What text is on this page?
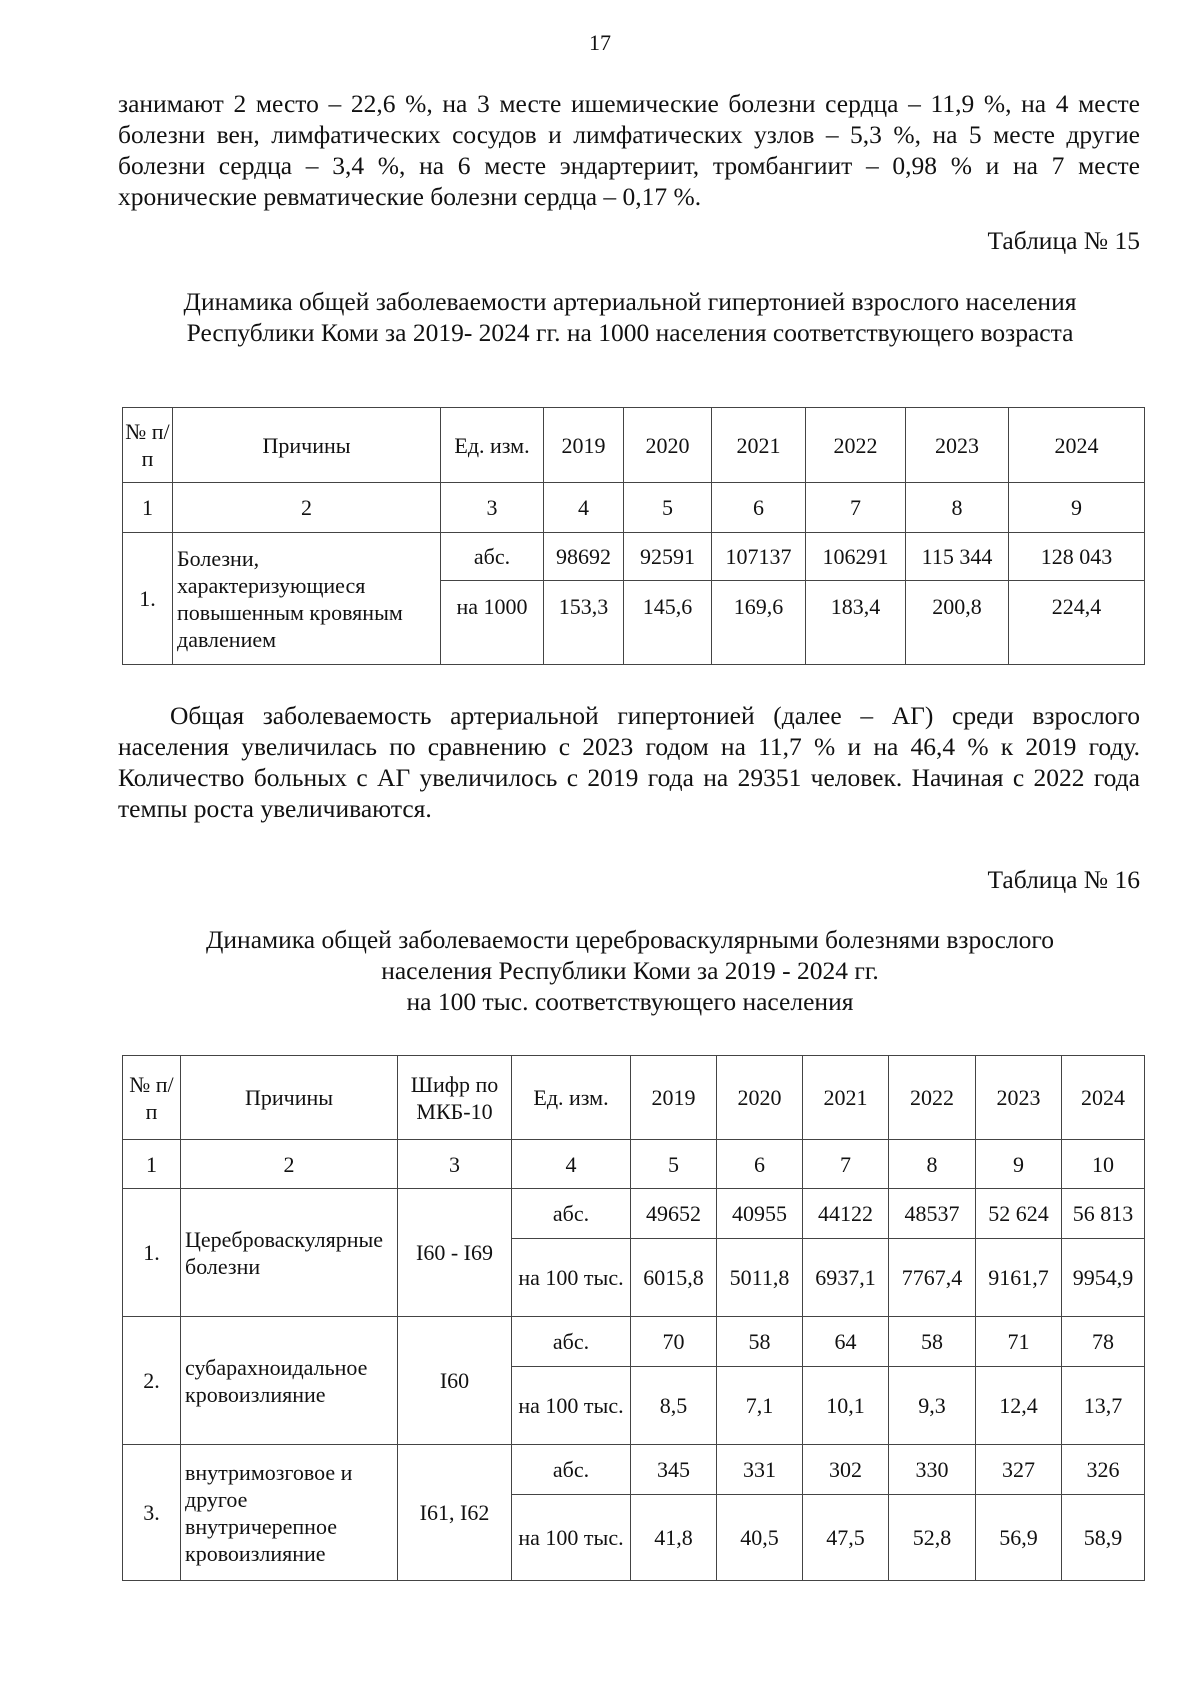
17

занимают 2 место – 22,6 %, на 3 месте ишемические болезни сердца – 11,9 %, на 4 месте болезни вен, лимфатических сосудов и лимфатических узлов – 5,3 %, на 5 месте другие болезни сердца – 3,4 %, на 6 месте эндартериит, тромбангиит – 0,98 % и на 7 месте хронические ревматические болезни сердца – 0,17 %.

Таблица № 15
Динамика общей заболеваемости артериальной гипертонией взрослого населения
Республики Коми за 2019- 2024 гг. на 1000 населения соответствующего возраста
№ п/п	Причины	Ед. изм.	2019	2020	2021	2022	2023	2024
1	2	3	4	5	6	7	8	9
1.	Болезни, характеризующиеся повышенным кровяным давлением	абс.	98692	92591	107137	106291	115 344	128 043
		на 1000	153,3	145,6	169,6	183,4	200,8	224,4

Общая заболеваемость артериальной гипертонией (далее – АГ) среди взрослого населения увеличилась по сравнению с 2023 годом на 11,7 % и на 46,4 % к 2019 году. Количество больных с АГ увеличилось с 2019 года на 29351 человек. Начиная с 2022 года темпы роста увеличиваются.

Таблица № 16
Динамика общей заболеваемости цереброваскулярными болезнями взрослого
населения Республики Коми за 2019 - 2024 гг.
на 100 тыс. соответствующего населения
№ п/п	Причины	Шифр по МКБ-10	Ед. изм.	2019	2020	2021	2022	2023	2024
1	2	3	4	5	6	7	8	9	10
1.	Цереброваскулярные болезни	I60 - I69	абс.	49652	40955	44122	48537	52 624	56 813
			на 100 тыс.	6015,8	5011,8	6937,1	7767,4	9161,7	9954,9
2.	субарахноидальное кровоизлияние	I60	абс.	70	58	64	58	71	78
			на 100 тыс.	8,5	7,1	10,1	9,3	12,4	13,7
3.	внутримозговое и другое внутричерепное кровоизлияние	I61, I62	абс.	345	331	302	330	327	326
			на 100 тыс.	41,8	40,5	47,5	52,8	56,9	58,9
